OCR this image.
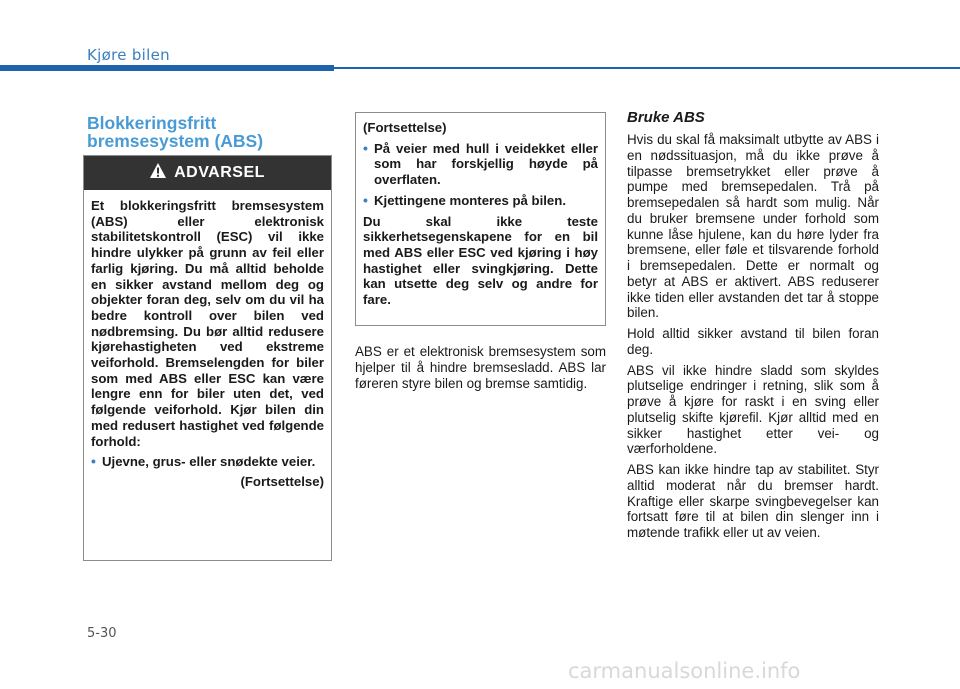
Kjøre bilen
Blokkeringsfritt bremsesystem (ABS)
ADVARSEL

Et blokkeringsfritt bremsesystem (ABS) eller elektronisk stabilitetskontroll (ESC) vil ikke hindre ulykker på grunn av feil eller farlig kjøring. Du må alltid beholde en sikker avstand mellom deg og objekter foran deg, selv om du vil ha bedre kontroll over bilen ved nødbremsing. Du bør alltid redusere kjørehastigheten ved ekstreme veiforhold. Bremselengden for biler som med ABS eller ESC kan være lengre enn for biler uten det, ved følgende veiforhold. Kjør bilen din med redusert hastighet ved følgende forhold:

• Ujevne, grus- eller snødekte veier.
(Fortsettelse)

(Fortsettelse)

• På veier med hull i veidekket eller som har forskjellig høyde på overflaten.
• Kjettingene monteres på bilen.

Du skal ikke teste sikkerhetsegenskapene for en bil med ABS eller ESC ved kjøring i høy hastighet eller svingkjøring. Dette kan utsette deg selv og andre for fare.

ABS er et elektronisk bremsesystem som hjelper til å hindre bremsesladd. ABS lar føreren styre bilen og bremse samtidig.
Bruke ABS

Hvis du skal få maksimalt utbytte av ABS i en nødssituasjon, må du ikke prøve å tilpasse bremsetrykket eller prøve å pumpe med bremsepedalen. Trå på bremsepedalen så hardt som mulig. Når du bruker bremsene under forhold som kunne låse hjulene, kan du høre lyder fra bremsene, eller føle et tilsvarende forhold i bremsepedalen. Dette er normalt og betyr at ABS er aktivert. ABS reduserer ikke tiden eller avstanden det tar å stoppe bilen.

Hold alltid sikker avstand til bilen foran deg.

ABS vil ikke hindre sladd som skyldes plutselige endringer i retning, slik som å prøve å kjøre for raskt i en sving eller plutselig skifte kjørefil. Kjør alltid med en sikker hastighet etter vei- og værforholdene.

ABS kan ikke hindre tap av stabilitet. Styr alltid moderat når du bremser hardt. Kraftige eller skarpe svingbevegelser kan fortsatt føre til at bilen din slenger inn i møtende trafikk eller ut av veien.

5-30
carmanualsonline.info
